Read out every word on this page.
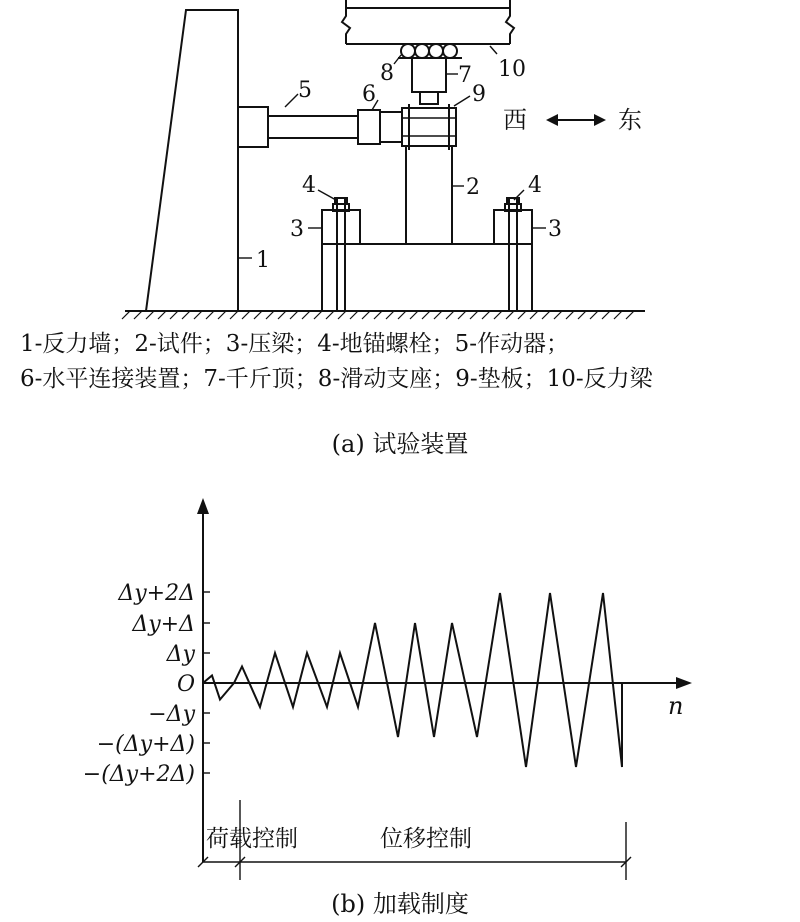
1
2
3	3
4	4
5 6
7
8
9
10
西	东
Δy+2Δ
Δy+Δ
Δy
O
−Δy
−(Δy+Δ)
−(Δy+2Δ)
n
荷载控制	位移控制
1-反力墙；2-试件；3-压梁；4-地锚螺栓；5-作动器；
6-水平连接装置；7-千斤顶；8-滑动支座；9-垫板；10-反力梁
(a) 试验装置
(b) 加载制度
